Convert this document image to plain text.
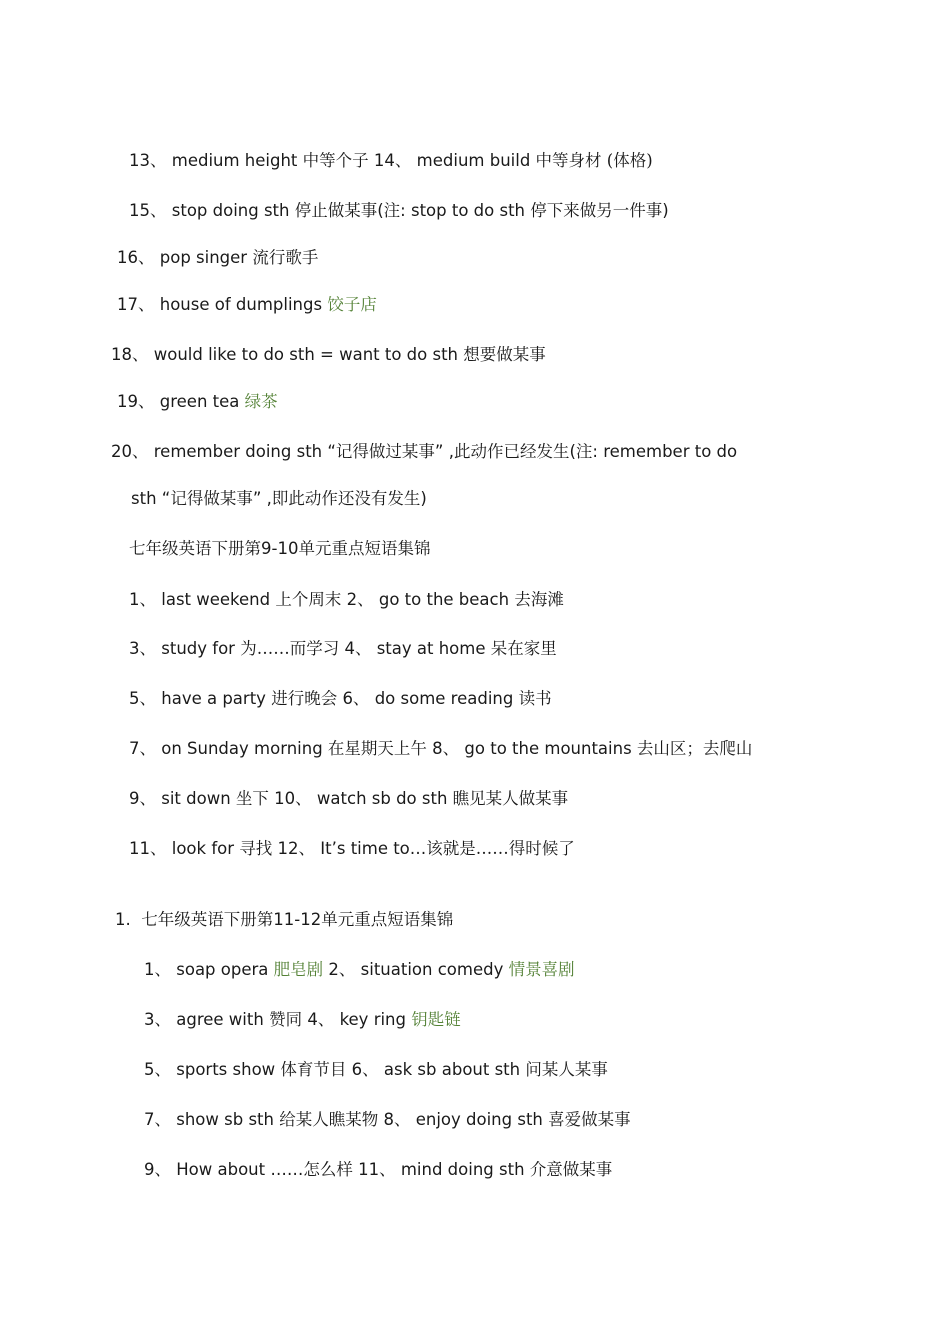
13、 medium height 中等个子 14、 medium build 中等身材 (体格)
15、 stop doing sth 停止做某事(注: stop to do sth 停下来做另一件事)
16、 pop singer 流行歌手
17、 house of dumplings 饺子店
18、 would like to do sth = want to do sth 想要做某事
19、 green tea 绿茶
20、 remember doing sth “记得做过某事” ,此动作已经发生(注: remember to do
sth “记得做某事” ,即此动作还没有发生)
七年级英语下册第9-10单元重点短语集锦
1、 last weekend 上个周末 2、 go to the beach 去海滩
3、 study for 为……而学习 4、 stay at home 呆在家里
5、 have a party 进行晚会 6、 do some reading 读书
7、 on Sunday morning 在星期天上午 8、 go to the mountains 去山区；去爬山
9、 sit down 坐下 10、 watch sb do sth 瞧见某人做某事
11、 look for 寻找 12、 It’s time to…该就是……得时候了
1. 七年级英语下册第11-12单元重点短语集锦
1、 soap opera 肥皂剧 2、 situation comedy 情景喜剧
3、 agree with 赞同 4、 key ring 钥匙链
5、 sports show 体育节目 6、 ask sb about sth 问某人某事
7、 show sb sth 给某人瞧某物 8、 enjoy doing sth 喜爱做某事
9、 How about ……怎么样 11、 mind doing sth 介意做某事
